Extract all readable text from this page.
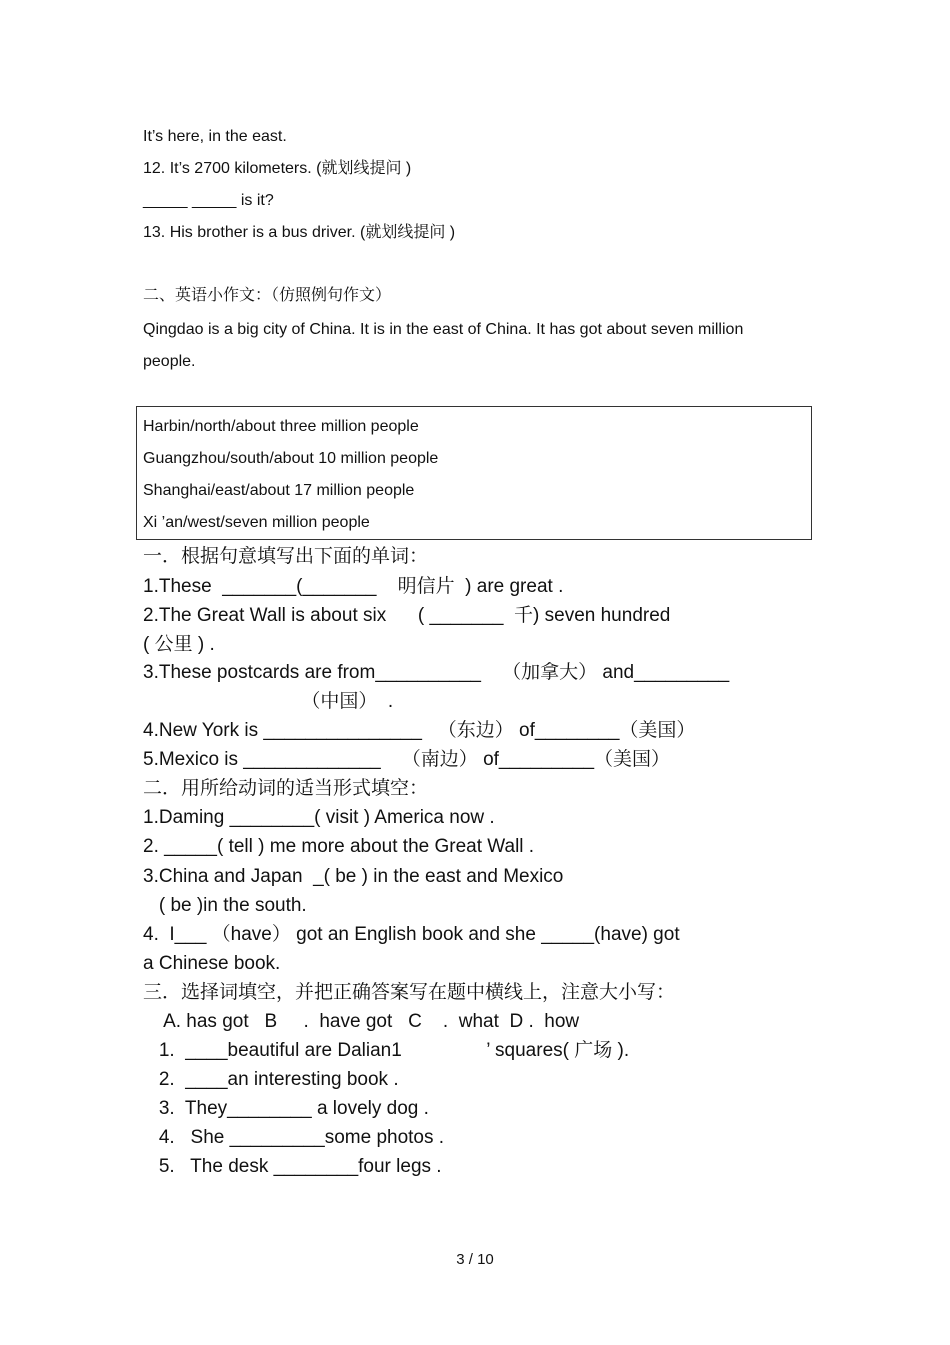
It’s here, in the east.
12. It’s 2700 kilometers. (就划线提问 )
_____ _____ is it?
13. His brother is a bus driver. (就划线提问 )
二、英语小作文：（仿照例句作文）
Qingdao is a big city of China. It is in the east of China. It has got about seven million
people.
Harbin/north/about three million people
Guangzhou/south/about 10 million people
Shanghai/east/about 17 million people
Xi ’an/west/seven million people
一．根据句意填写出下面的单词：
1.These  _______(_______    明信片  ) are great .
2.The Great Wall is about six      ( _______  千) seven hundred
( 公里 ) .
3.These postcards are from__________    （加拿大） and_________
（中国）  .
4.New York is _______________   （东边） of________（美国）
5.Mexico is _____________    （南边） of_________（美国）
二．用所给动词的适当形式填空：
1.Daming ________( visit ) America now .
2. _____( tell ) me more about the Great Wall .
3.China and Japan  _( be ) in the east and Mexico
( be )in the south.
4.  I___ （have） got an English book and she _____(have) got
a Chinese book.
三．选择词填空，并把正确答案写在题中横线上，注意大小写：
A. has got   B     .  have got   C    .  what  D .  how
1.  ____beautiful are Dalian1                ’ squares( 广场 ).
2.  ____an interesting book .
3.  They________ a lovely dog .
4.   She _________some photos .
5.   The desk ________four legs .
3 / 10
